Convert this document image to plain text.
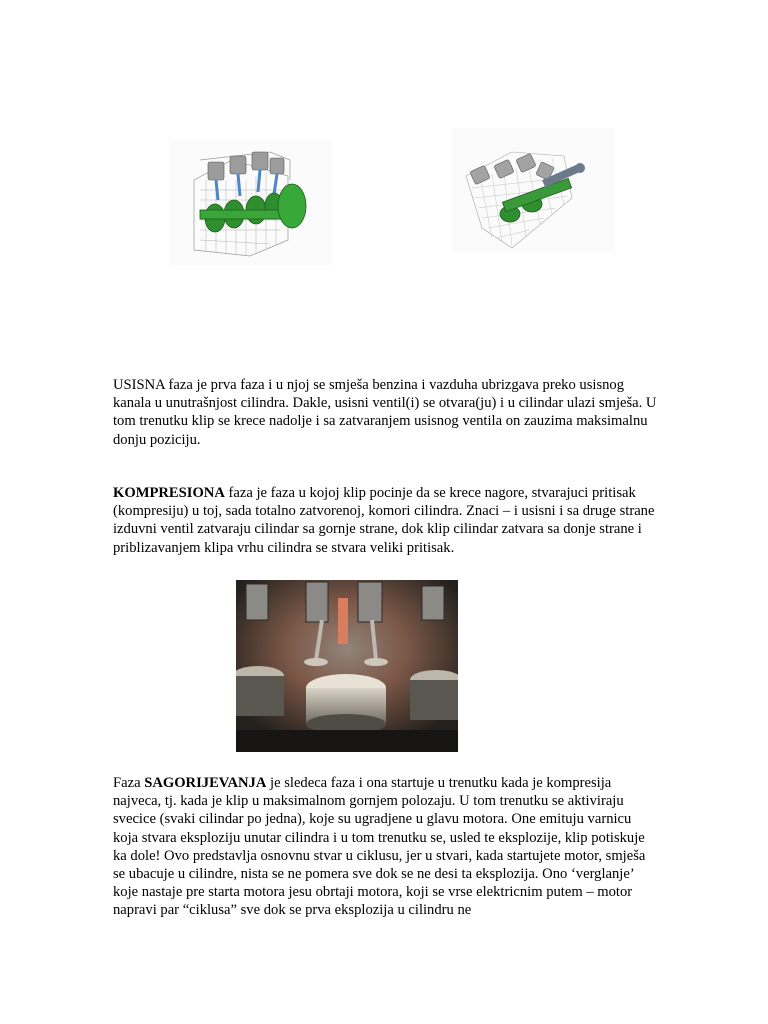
USISNA faza je prva faza i u njoj se smješa benzina i vazduha ubrizgava preko usisnog kanala u unutrašnjost cilindra. Dakle, usisni ventil(i) se otvara(ju) i u cilindar ulazi smješa. U tom trenutku klip se krece nadolje i sa zatvaranjem usisnog ventila on zauzima maksimalnu donju poziciju.

KOMPRESIONA faza je faza u kojoj klip pocinje da se krece nagore, stvarajuci pritisak (kompresiju) u toj, sada totalno zatvorenoj, komori cilindra. Znaci – i usisni i sa druge strane izduvni ventil zatvaraju cilindar sa gornje strane, dok klip cilindar zatvara sa donje strane i priblizavanjem klipa vrhu cilindra se stvara veliki pritisak.

Faza SAGORIJEVANJA je sledeca faza i ona startuje u trenutku kada je kompresija najveca, tj. kada je klip u maksimalnom gornjem polozaju. U tom trenutku se aktiviraju svecice (svaki cilindar po jedna), koje su ugradjene u glavu motora. One emituju varnicu koja stvara eksploziju unutar cilindra i u tom trenutku se, usled te eksplozije, klip potiskuje ka dole! Ovo predstavlja osnovnu stvar u ciklusu, jer u stvari, kada startujete motor, smješa se ubacuje u cilindre, nista se ne pomera sve dok se ne desi ta eksplozija. Ono ‘verglanje’ koje nastaje pre starta motora jesu obrtaji motora, koji se vrse elektricnim putem – motor napravi par “ciklusa” sve dok se prva eksplozija u cilindru ne
